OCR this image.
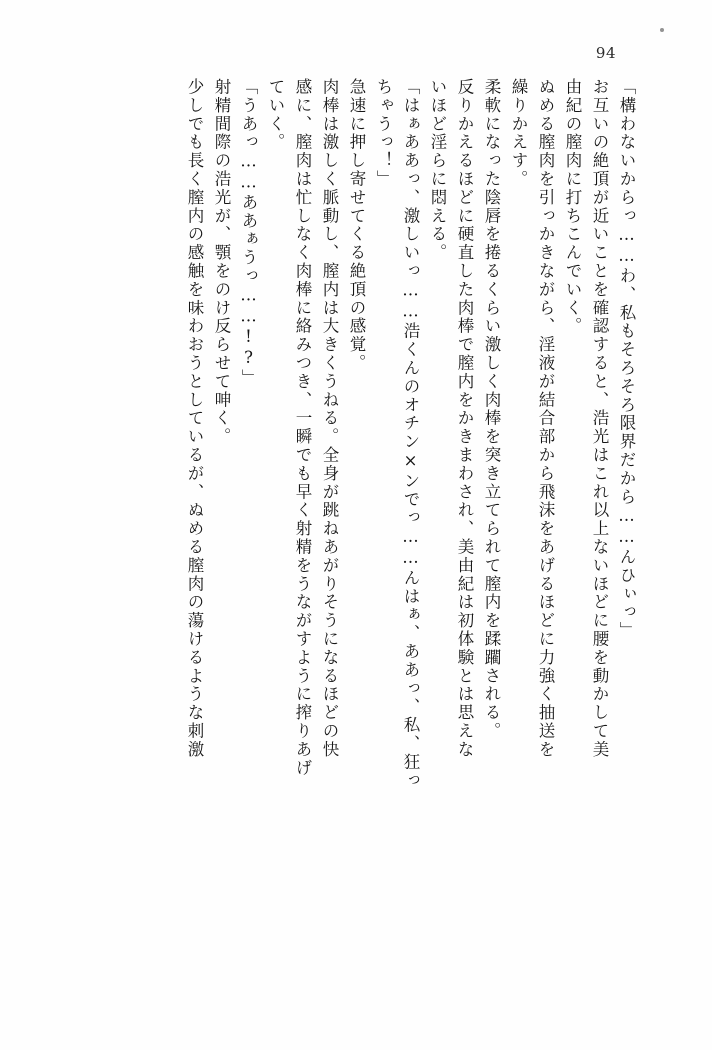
94
「構わないからっ……わ、私もそろそろ限界だから……んひぃっ」
お互いの絶頂が近いことを確認すると、浩光はこれ以上ないほどに腰を動かして美
由紀の膣肉に打ちこんでいく。
ぬめる膣肉を引っかきながら、淫液が結合部から飛沫をあげるほどに力強く抽送を
繰りかえす。
柔軟になった陰唇を捲るくらい激しく肉棒を突き立てられて膣内を蹂躙される。
反りかえるほどに硬直した肉棒で膣内をかきまわされ、美由紀は初体験とは思えな
いほど淫らに悶える。
「はぁああっ、激しいっ……浩くんのオチン×ンでっ……んはぁ、ああっ、私、狂っ
ちゃうっ！」
急速に押し寄せてくる絶頂の感覚。
肉棒は激しく脈動し、膣内は大きくうねる。全身が跳ねあがりそうになるほどの快
感に、膣肉は忙しなく肉棒に絡みつき、一瞬でも早く射精をうながすように搾りあげ
ていく。
「うあっ……ああぁうっ……!?」
射精間際の浩光が、顎をのけ反らせて呻く。
少しでも長く膣内の感触を味わおうとしているが、ぬめる膣肉の蕩けるような刺激
